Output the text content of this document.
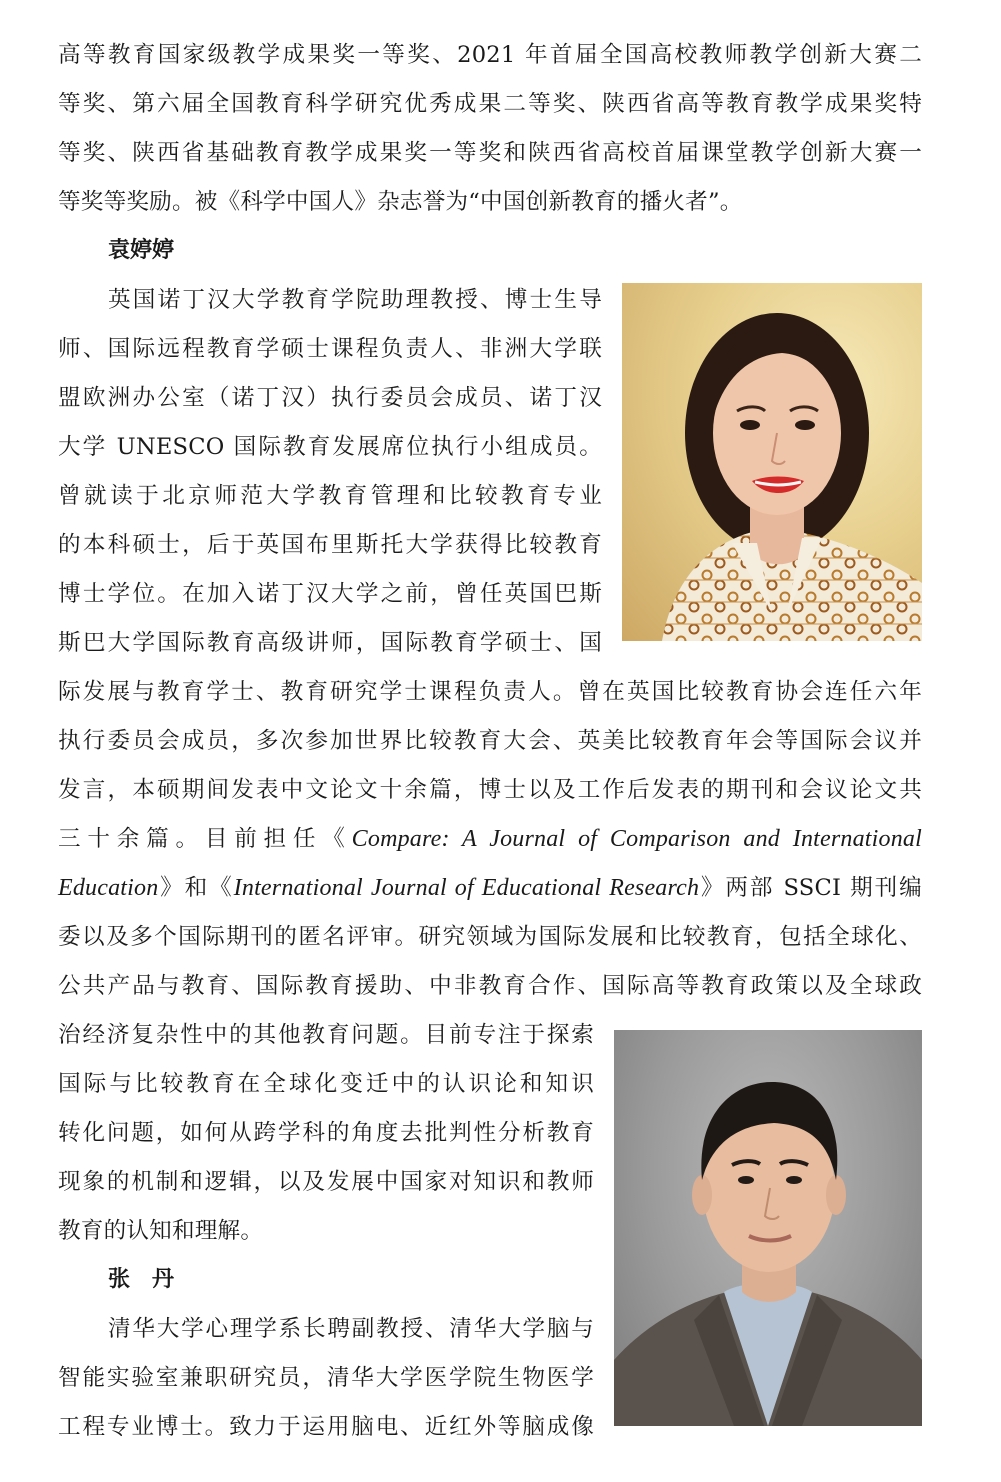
高等教育国家级教学成果奖一等奖、2021 年首届全国高校教师教学创新大赛二
等奖、第六届全国教育科学研究优秀成果二等奖、陕西省高等教育教学成果奖特
等奖、陕西省基础教育教学成果奖一等奖和陕西省高校首届课堂教学创新大赛一
等奖等奖励。被《科学中国人》杂志誉为“中国创新教育的播火者”。
袁婷婷
英国诺丁汉大学教育学院助理教授、博士生导
师、国际远程教育学硕士课程负责人、非洲大学联
盟欧洲办公室（诺丁汉）执行委员会成员、诺丁汉
大学 UNESCO 国际教育发展席位执行小组成员。
曾就读于北京师范大学教育管理和比较教育专业
的本科硕士，后于英国布里斯托大学获得比较教育
博士学位。在加入诺丁汉大学之前，曾任英国巴斯
斯巴大学国际教育高级讲师，国际教育学硕士、国
际发展与教育学士、教育研究学士课程负责人。曾在英国比较教育协会连任六年
执行委员会成员，多次参加世界比较教育大会、英美比较教育年会等国际会议并
发言，本硕期间发表中文论文十余篇，博士以及工作后发表的期刊和会议论文共
三十余篇。目前担任《Compare: A Journal of Comparison and International
Education》和《International Journal of Educational Research》两部 SSCI 期刊编
委以及多个国际期刊的匿名评审。研究领域为国际发展和比较教育，包括全球化、
公共产品与教育、国际教育援助、中非教育合作、国际高等教育政策以及全球政
治经济复杂性中的其他教育问题。目前专注于探索
国际与比较教育在全球化变迁中的认识论和知识
转化问题，如何从跨学科的角度去批判性分析教育
现象的机制和逻辑，以及发展中国家对知识和教师
教育的认知和理解。
张　丹
清华大学心理学系长聘副教授、清华大学脑与
智能实验室兼职研究员，清华大学医学院生物医学
工程专业博士。致力于运用脑电、近红外等脑成像
